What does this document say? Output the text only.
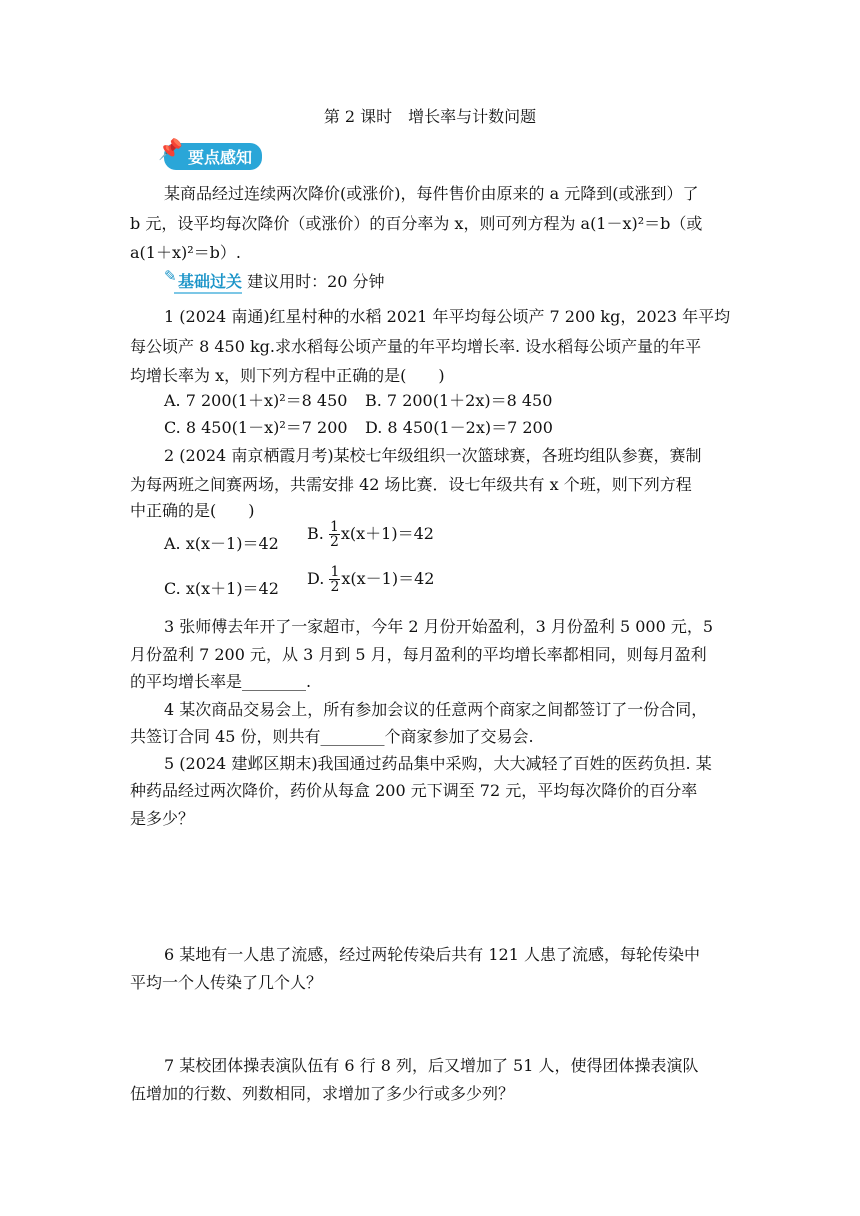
第 2 课时　增长率与计数问题
📌 要点感知
某商品经过连续两次降价(或涨价)，每件售价由原来的 a 元降到(或涨到）了
b 元，设平均每次降价（或涨价）的百分率为 x，则可列方程为 a(1－x)²＝b（或
a(1＋x)²＝b）.
✎ 基础过关 建议用时：20 分钟
1 (2024 南通)红星村种的水稻 2021 年平均每公顷产 7 200 kg，2023 年平均
每公顷产 8 450 kg.求水稻每公顷产量的年平均增长率. 设水稻每公顷产量的年平
均增长率为 x，则下列方程中正确的是(　　)
A. 7 200(1＋x)²＝8 450 B. 7 200(1＋2x)＝8 450
C. 8 450(1－x)²＝7 200 D. 8 450(1－2x)＝7 200
2 (2024 南京栖霞月考)某校七年级组织一次篮球赛，各班均组队参赛，赛制
为每两班之间赛两场，共需安排 42 场比赛．设七年级共有 x 个班，则下列方程
中正确的是(　　)
A. x(x－1)＝42
B. $\frac{1}{2} x(x+1)=42$
C. x(x＋1)＝42
D. $\frac{1}{2} x(x-1)=42$
3 张师傅去年开了一家超市，今年 2 月份开始盈利，3 月份盈利 5 000 元，5
月份盈利 7 200 元，从 3 月到 5 月，每月盈利的平均增长率都相同，则每月盈利
的平均增长率是________.
4 某次商品交易会上，所有参加会议的任意两个商家之间都签订了一份合同，
共签订合同 45 份，则共有________个商家参加了交易会.
5 (2024 建邺区期末)我国通过药品集中采购，大大减轻了百姓的医药负担. 某
种药品经过两次降价，药价从每盒 200 元下调至 72 元，平均每次降价的百分率
是多少？
6 某地有一人患了流感，经过两轮传染后共有 121 人患了流感，每轮传染中
平均一个人传染了几个人？
7 某校团体操表演队伍有 6 行 8 列，后又增加了 51 人，使得团体操表演队
伍增加的行数、列数相同，求增加了多少行或多少列？
